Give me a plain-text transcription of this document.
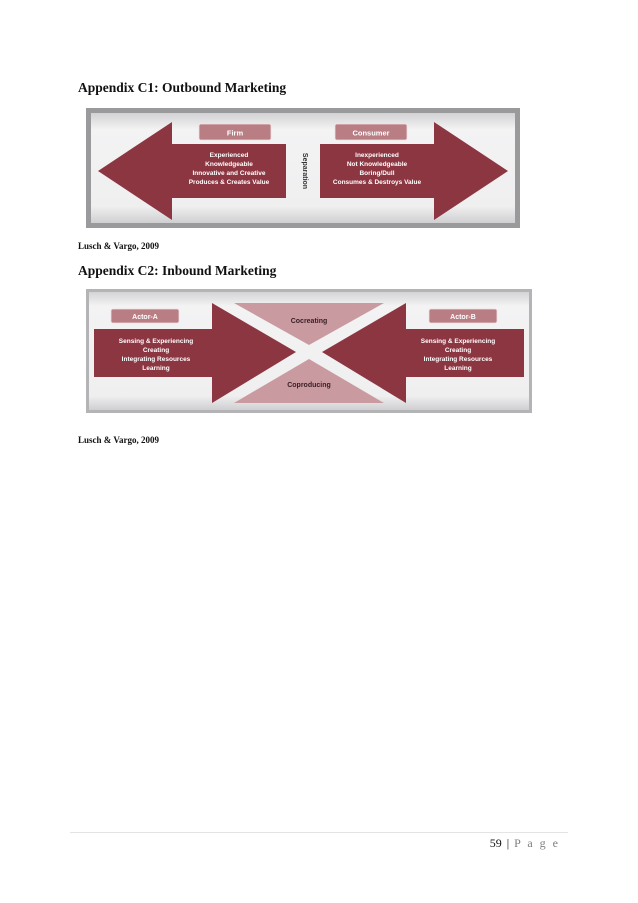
Appendix C1: Outbound Marketing
Firm	Consumer
Separation
Experienced
Knowledgeable
Innovative and Creative
Produces & Creates Value
Inexperienced
Not Knowledgeable
Boring/Dull
Consumes & Destroys Value
Lusch & Vargo, 2009
Appendix C2: Inbound Marketing
Actor-A	Actor-B
Cocreating
Coproducing
Sensing & Experiencing
Creating
Integrating Resources
Learning
Sensing & Experiencing
Creating
Integrating Resources
Learning
Lusch & Vargo, 2009
59 | P a g e
